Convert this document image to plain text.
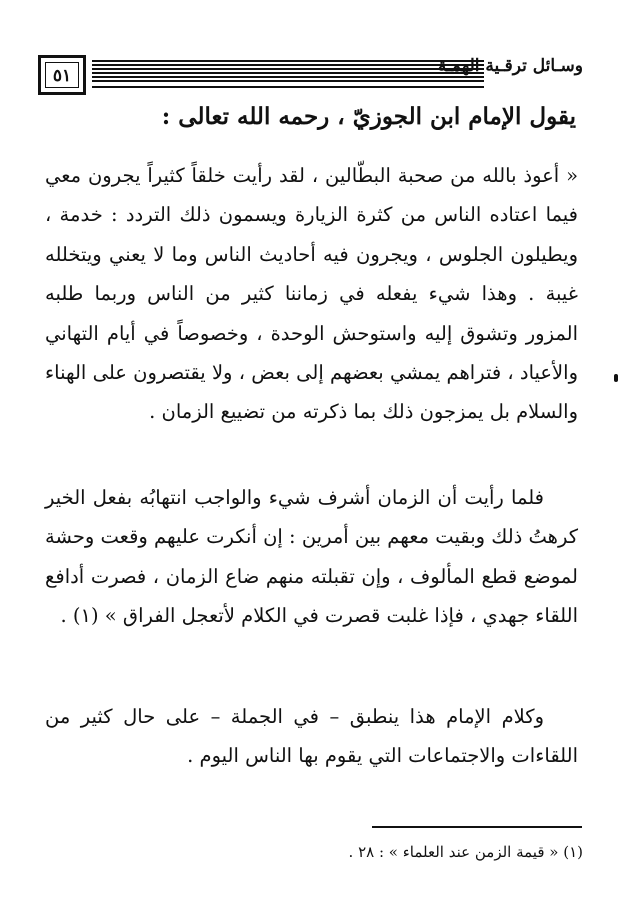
٥١	وسـائل ترقـية الهمـة
يقول الإمام ابن الجوزيّ ، رحمه الله تعالى :
« أعوذ بالله من صحبة البطّالين ، لقد رأيت خلقاً كثيراً يجرون معي فيما اعتاده الناس من كثرة الزيارة ويسمون ذلك التردد : خدمة ، ويطيلون الجلوس ، ويجرون فيه أحاديث الناس وما لا يعني ويتخلله غيبة . وهذا شيء يفعله في زماننا كثير من الناس وربما طلبه المزور وتشوق إليه واستوحش الوحدة ، وخصوصاً في أيام التهاني والأعياد ، فتراهم يمشي بعضهم إلى بعض ، ولا يقتصرون على الهناء والسلام بل يمزجون ذلك بما ذكرته من تضييع الزمان .
فلما رأيت أن الزمان أشرف شيء والواجب انتهابُه بفعل الخير كرهتُ ذلك وبقيت معهم بين أمرين : إن أنكرت عليهم وقعت وحشة لموضع قطع المألوف ، وإن تقبلته منهم ضاع الزمان ، فصرت أدافع اللقاء جهدي ، فإذا غلبت قصرت في الكلام لأتعجل الفراق » (١) .
وكلام الإمام هذا ينطبق – في الجملة – على حال كثير من اللقاءات والاجتماعات التي يقوم بها الناس اليوم .
(١) « قيمة الزمن عند العلماء » : ٢٨ .
